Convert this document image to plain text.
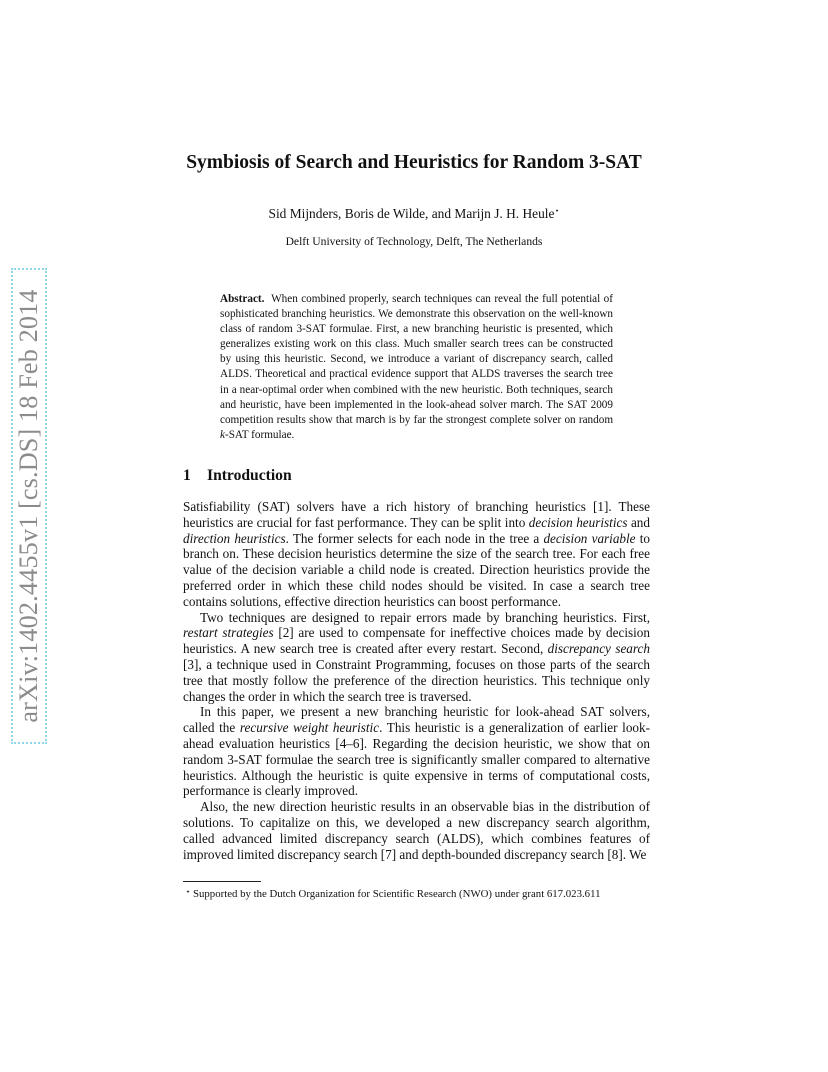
arXiv:1402.4455v1 [cs.DS] 18 Feb 2014
Symbiosis of Search and Heuristics for Random 3-SAT
Sid Mijnders, Boris de Wilde, and Marijn J. H. Heule⋆
Delft University of Technology, Delft, The Netherlands
Abstract. When combined properly, search techniques can reveal the full potential of sophisticated branching heuristics. We demonstrate this observation on the well-known class of random 3-SAT formulae. First, a new branching heuristic is presented, which generalizes existing work on this class. Much smaller search trees can be constructed by using this heuristic. Second, we introduce a variant of discrepancy search, called ALDS. Theoretical and practical evidence support that ALDS traverses the search tree in a near-optimal order when combined with the new heuristic. Both techniques, search and heuristic, have been implemented in the look-ahead solver march. The SAT 2009 competition results show that march is by far the strongest complete solver on random k-SAT formulae.
1 Introduction

Satisfiability (SAT) solvers have a rich history of branching heuristics [1]. These heuristics are crucial for fast performance. They can be split into decision heuristics and direction heuristics. The former selects for each node in the tree a decision variable to branch on. These decision heuristics determine the size of the search tree. For each free value of the decision variable a child node is created. Direction heuristics provide the preferred order in which these child nodes should be visited. In case a search tree contains solutions, effective direction heuristics can boost performance.

Two techniques are designed to repair errors made by branching heuristics. First, restart strategies [2] are used to compensate for ineffective choices made by decision heuristics. A new search tree is created after every restart. Second, discrepancy search [3], a technique used in Constraint Programming, focuses on those parts of the search tree that mostly follow the preference of the direction heuristics. This technique only changes the order in which the search tree is traversed.

In this paper, we present a new branching heuristic for look-ahead SAT solvers, called the recursive weight heuristic. This heuristic is a generalization of earlier look-ahead evaluation heuristics [4–6]. Regarding the decision heuristic, we show that on random 3-SAT formulae the search tree is significantly smaller compared to alternative heuristics. Although the heuristic is quite expensive in terms of computational costs, performance is clearly improved.

Also, the new direction heuristic results in an observable bias in the distribution of solutions. To capitalize on this, we developed a new discrepancy search algorithm, called advanced limited discrepancy search (ALDS), which combines features of improved limited discrepancy search [7] and depth-bounded discrepancy search [8]. We

⋆ Supported by the Dutch Organization for Scientific Research (NWO) under grant 617.023.611
